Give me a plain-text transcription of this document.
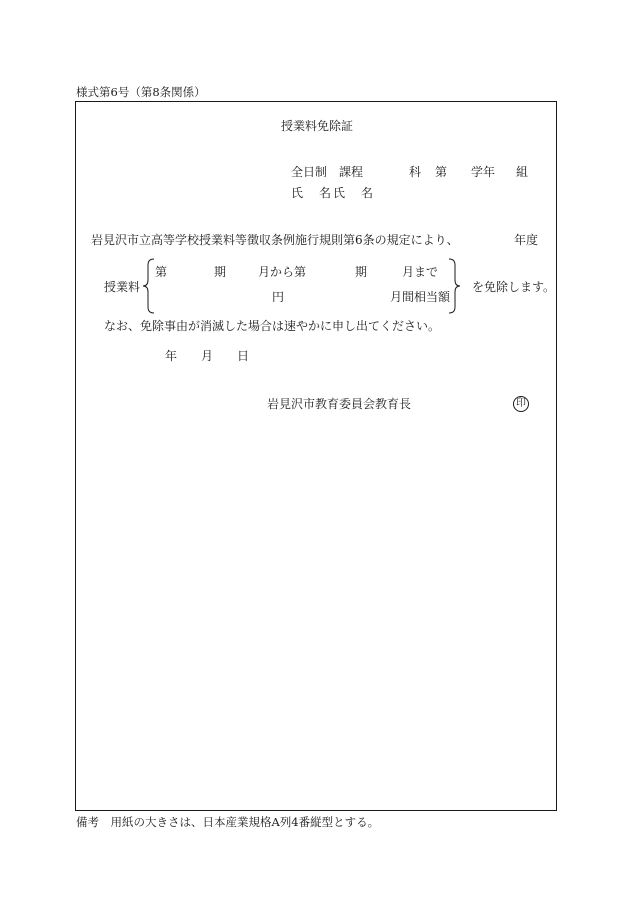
様式第6号（第8条関係）
授業料免除証
全日制　課程	科 第 学年 組
氏　名氏　名
岩見沢市立高等学校授業料等徴収条例施行規則第6条の規定により、	年度
授業料
第	期	月から第	期	月まで
円	月間相当額
を免除します。
なお、免除事由が消滅した場合は速やかに申し出てください。
年 月 日
岩見沢市教育委員会教育長	印
備考　用紙の大きさは、日本産業規格A列4番縦型とする。
